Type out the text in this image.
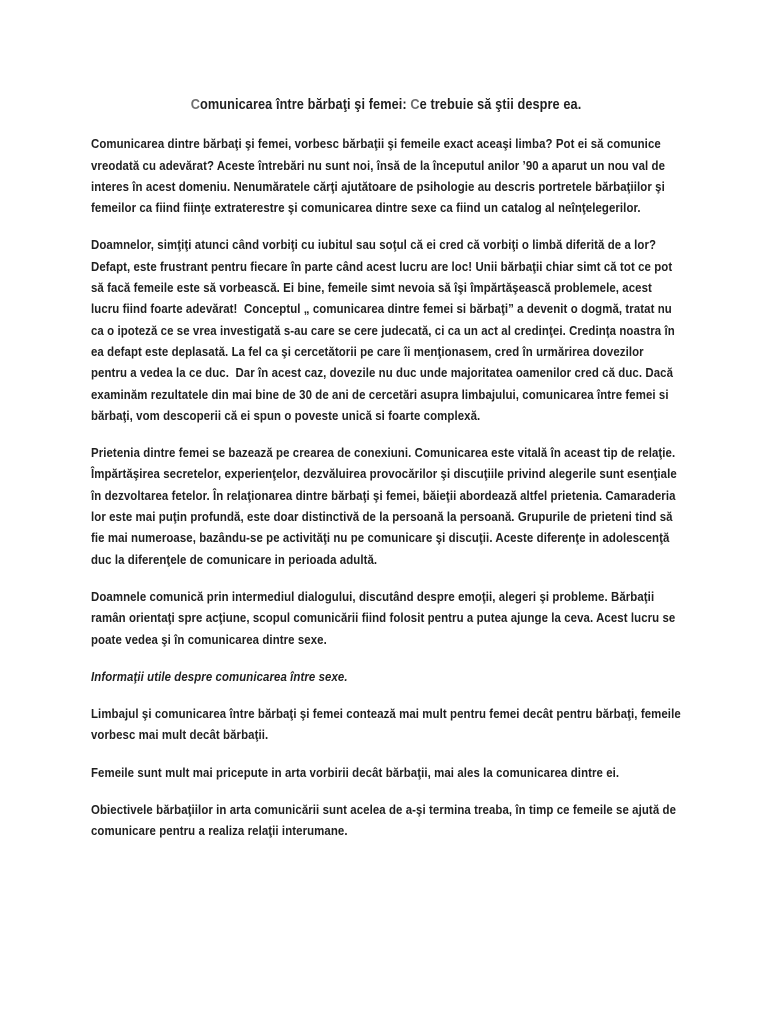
Comunicarea între bărbaţi şi femei: Ce trebuie să ştii despre ea.

Comunicarea dintre bărbaţi şi femei, vorbesc bărbaţii şi femeile exact aceaşi limba? Pot ei să comunice vreodată cu adevărat? Aceste întrebări nu sunt noi, însă de la începutul anilor ’90 a aparut un nou val de interes în acest domeniu. Nenumăratele cărţi ajutătoare de psihologie au descris portretele bărbaţiilor şi femeilor ca fiind fiinţe extraterestre şi comunicarea dintre sexe ca fiind un catalog al neînţelegerilor.

Doamnelor, simţiţi atunci când vorbiţi cu iubitul sau soţul că ei cred că vorbiţi o limbă diferită de a lor? Defapt, este frustrant pentru fiecare în parte când acest lucru are loc! Unii bărbaţii chiar simt că tot ce pot să facă femeile este să vorbească. Ei bine, femeile simt nevoia să îşi împărtăşească problemele, acest lucru fiind foarte adevărat!  Conceptul „ comunicarea dintre femei si bărbaţi” a devenit o dogmă, tratat nu ca o ipoteză ce se vrea investigată s-au care se cere judecată, ci ca un act al credinţei. Credinţa noastra în ea defapt este deplasată. La fel ca şi cercetătorii pe care îi menţionasem, cred în urmărirea dovezilor pentru a vedea la ce duc.  Dar în acest caz, dovezile nu duc unde majoritatea oamenilor cred că duc. Dacă examinăm rezultatele din mai bine de 30 de ani de cercetări asupra limbajului, comunicarea între femei si bărbaţi, vom descoperii că ei spun o poveste unică si foarte complexă.

Prietenia dintre femei se bazează pe crearea de conexiuni. Comunicarea este vitală în aceast tip de relaţie. Împărtăşirea secretelor, experienţelor, dezvăluirea provocărilor şi discuţiile privind alegerile sunt esenţiale în dezvoltarea fetelor. În relaţionarea dintre bărbaţi şi femei, băieţii abordează altfel prietenia. Camaraderia lor este mai puţin profundă, este doar distinctivă de la persoană la persoană. Grupurile de prieteni tind să fie mai numeroase, bazându-se pe activităţi nu pe comunicare şi discuţii. Aceste diferenţe in adolescenţă duc la diferenţele de comunicare in perioada adultă.

Doamnele comunică prin intermediul dialogului, discutând despre emoţii, alegeri şi probleme. Bărbaţii ramân orientaţi spre acţiune, scopul comunicării fiind folosit pentru a putea ajunge la ceva. Acest lucru se poate vedea şi în comunicarea dintre sexe.

Informaţii utile despre comunicarea între sexe.

Limbajul şi comunicarea între bărbaţi şi femei contează mai mult pentru femei decât pentru bărbaţi, femeile vorbesc mai mult decât bărbaţii.

Femeile sunt mult mai pricepute in arta vorbirii decât bărbaţii, mai ales la comunicarea dintre ei.

Obiectivele bărbaţiilor in arta comunicării sunt acelea de a-şi termina treaba, în timp ce femeile se ajută de comunicare pentru a realiza relaţii interumane.
